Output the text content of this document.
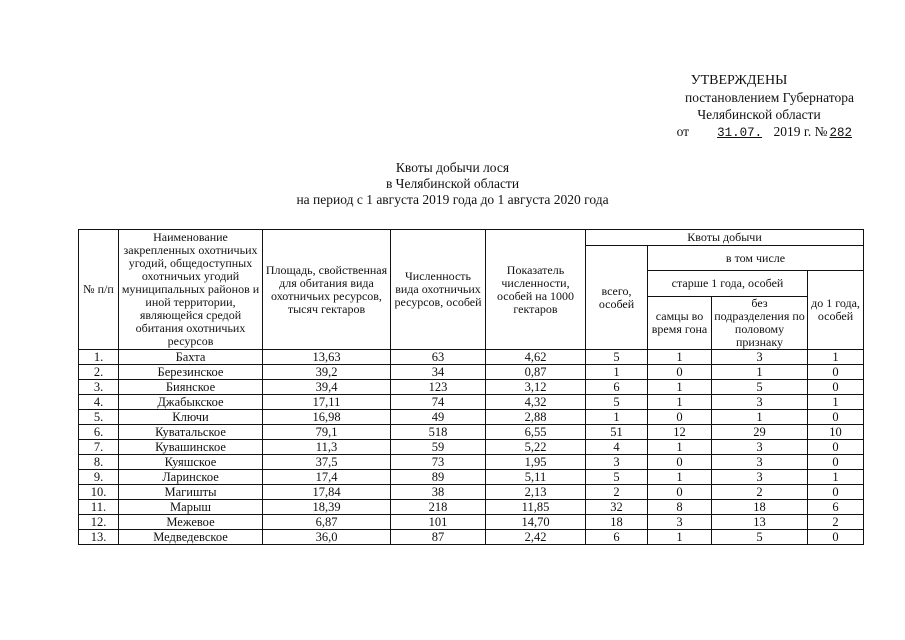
УТВЕРЖДЕНЫ
постановлением Губернатора
Челябинской области
от 31.07. 2019 г. № 282
Квоты добычи лося
в Челябинской области
на период с 1 августа 2019 года до 1 августа 2020 года
№ п/п	Наименование закрепленных охотничьих угодий, общедоступных охотничьих угодий муниципальных районов и иной территории, являющейся средой обитания охотничьих ресурсов	Площадь, свойственная для обитания вида охотничьих ресурсов, тысяч гектаров	Численность вида охотничьих ресурсов, особей	Показатель численности, особей на 1000 гектаров	Квоты добычи			
					всего, особей	в том числе		
						старше 1 года, особей		до 1 года, особей
						самцы во время гона	без подразделения по половому признаку	
1.	Бахта	13,63	63	4,62	5	1	3	1
2.	Березинское	39,2	34	0,87	1	0	1	0
3.	Биянское	39,4	123	3,12	6	1	5	0
4.	Джабыкское	17,11	74	4,32	5	1	3	1
5.	Ключи	16,98	49	2,88	1	0	1	0
6.	Куватальское	79,1	518	6,55	51	12	29	10
7.	Кувашинское	11,3	59	5,22	4	1	3	0
8.	Куяшское	37,5	73	1,95	3	0	3	0
9.	Ларинское	17,4	89	5,11	5	1	3	1
10.	Магишты	17,84	38	2,13	2	0	2	0
11.	Марыш	18,39	218	11,85	32	8	18	6
12.	Межевое	6,87	101	14,70	18	3	13	2
13.	Медведевское	36,0	87	2,42	6	1	5	0
